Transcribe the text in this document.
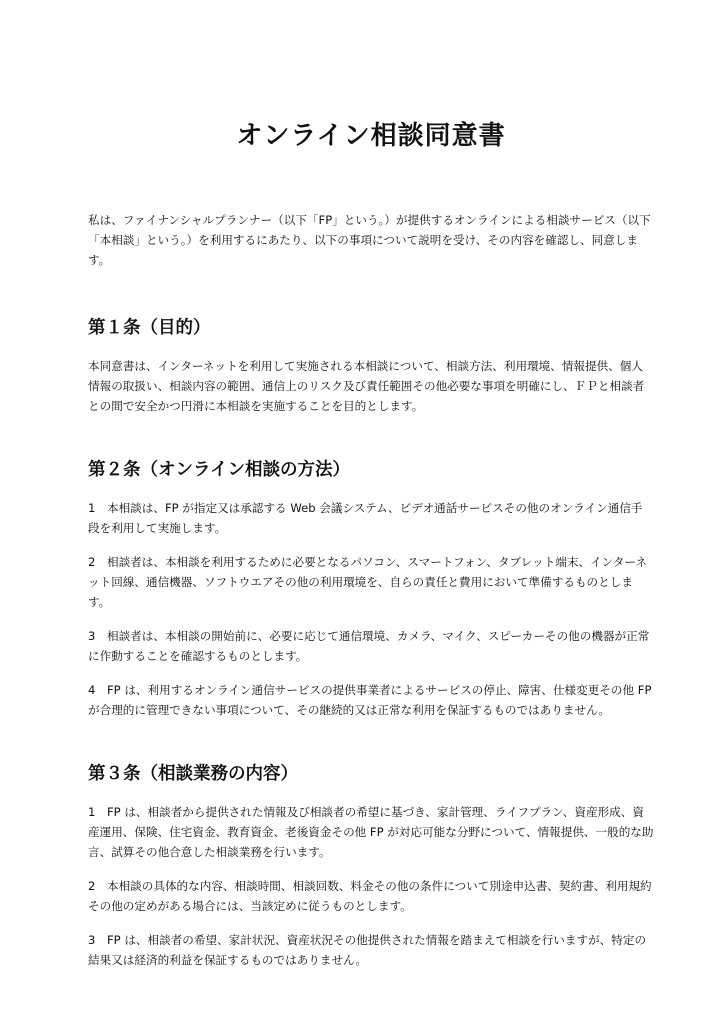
オンライン相談同意書

私は、ファイナンシャルプランナー（以下「FP」という。）が提供するオンラインによる相談サービス（以下「本相談」という。）を利用するにあたり、以下の事項について説明を受け、その内容を確認し、同意します。

第１条（目的）

本同意書は、インターネットを利用して実施される本相談について、相談方法、利用環境、情報提供、個人情報の取扱い、相談内容の範囲、通信上のリスク及び責任範囲その他必要な事項を明確にし、ＦＰと相談者との間で安全かつ円滑に本相談を実施することを目的とします。

第２条（オンライン相談の方法）

1　本相談は、FP が指定又は承認する Web 会議システム、ビデオ通話サービスその他のオンライン通信手段を利用して実施します。

2　相談者は、本相談を利用するために必要となるパソコン、スマートフォン、タブレット端末、インターネット回線、通信機器、ソフトウエアその他の利用環境を、自らの責任と費用において準備するものとします。

3　相談者は、本相談の開始前に、必要に応じて通信環境、カメラ、マイク、スピーカーその他の機器が正常に作動することを確認するものとします。

4　FP は、利用するオンライン通信サービスの提供事業者によるサービスの停止、障害、仕様変更その他 FP が合理的に管理できない事項について、その継続的又は正常な利用を保証するものではありません。

第３条（相談業務の内容）

1　FP は、相談者から提供された情報及び相談者の希望に基づき、家計管理、ライフプラン、資産形成、資産運用、保険、住宅資金、教育資金、老後資金その他 FP が対応可能な分野について、情報提供、一般的な助言、試算その他合意した相談業務を行います。

2　本相談の具体的な内容、相談時間、相談回数、料金その他の条件について別途申込書、契約書、利用規約その他の定めがある場合には、当該定めに従うものとします。

3　FP は、相談者の希望、家計状況、資産状況その他提供された情報を踏まえて相談を行いますが、特定の結果又は経済的利益を保証するものではありません。
